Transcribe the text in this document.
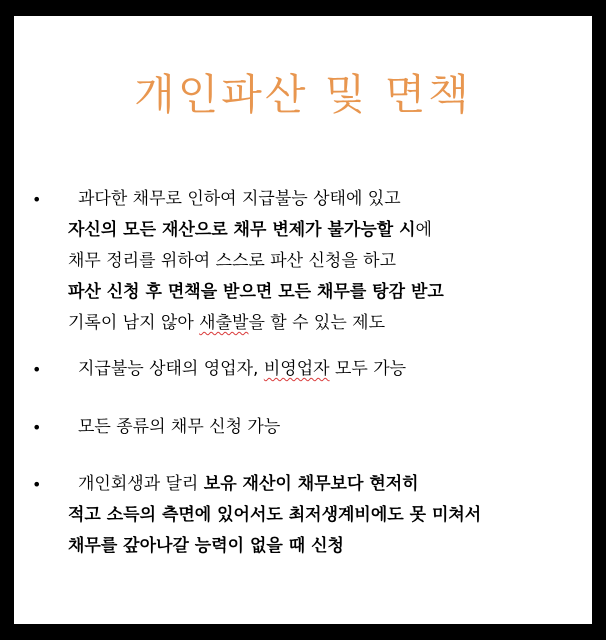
개인파산 및 면책
•	과다한 채무로 인하여 지급불능 상태에 있고
자신의 모든 재산으로 채무 변제가 불가능할 시에
채무 정리를 위하여 스스로 파산 신청을 하고
파산 신청 후 면책을 받으면 모든 채무를 탕감 받고
기록이 남지 않아 새출발을 할 수 있는 제도
•	지급불능 상태의 영업자, 비영업자 모두 가능
•	모든 종류의 채무 신청 가능
•	개인회생과 달리 보유 재산이 채무보다 현저히
적고 소득의 측면에 있어서도 최저생계비에도 못 미쳐서
채무를 갚아나갈 능력이 없을 때 신청
